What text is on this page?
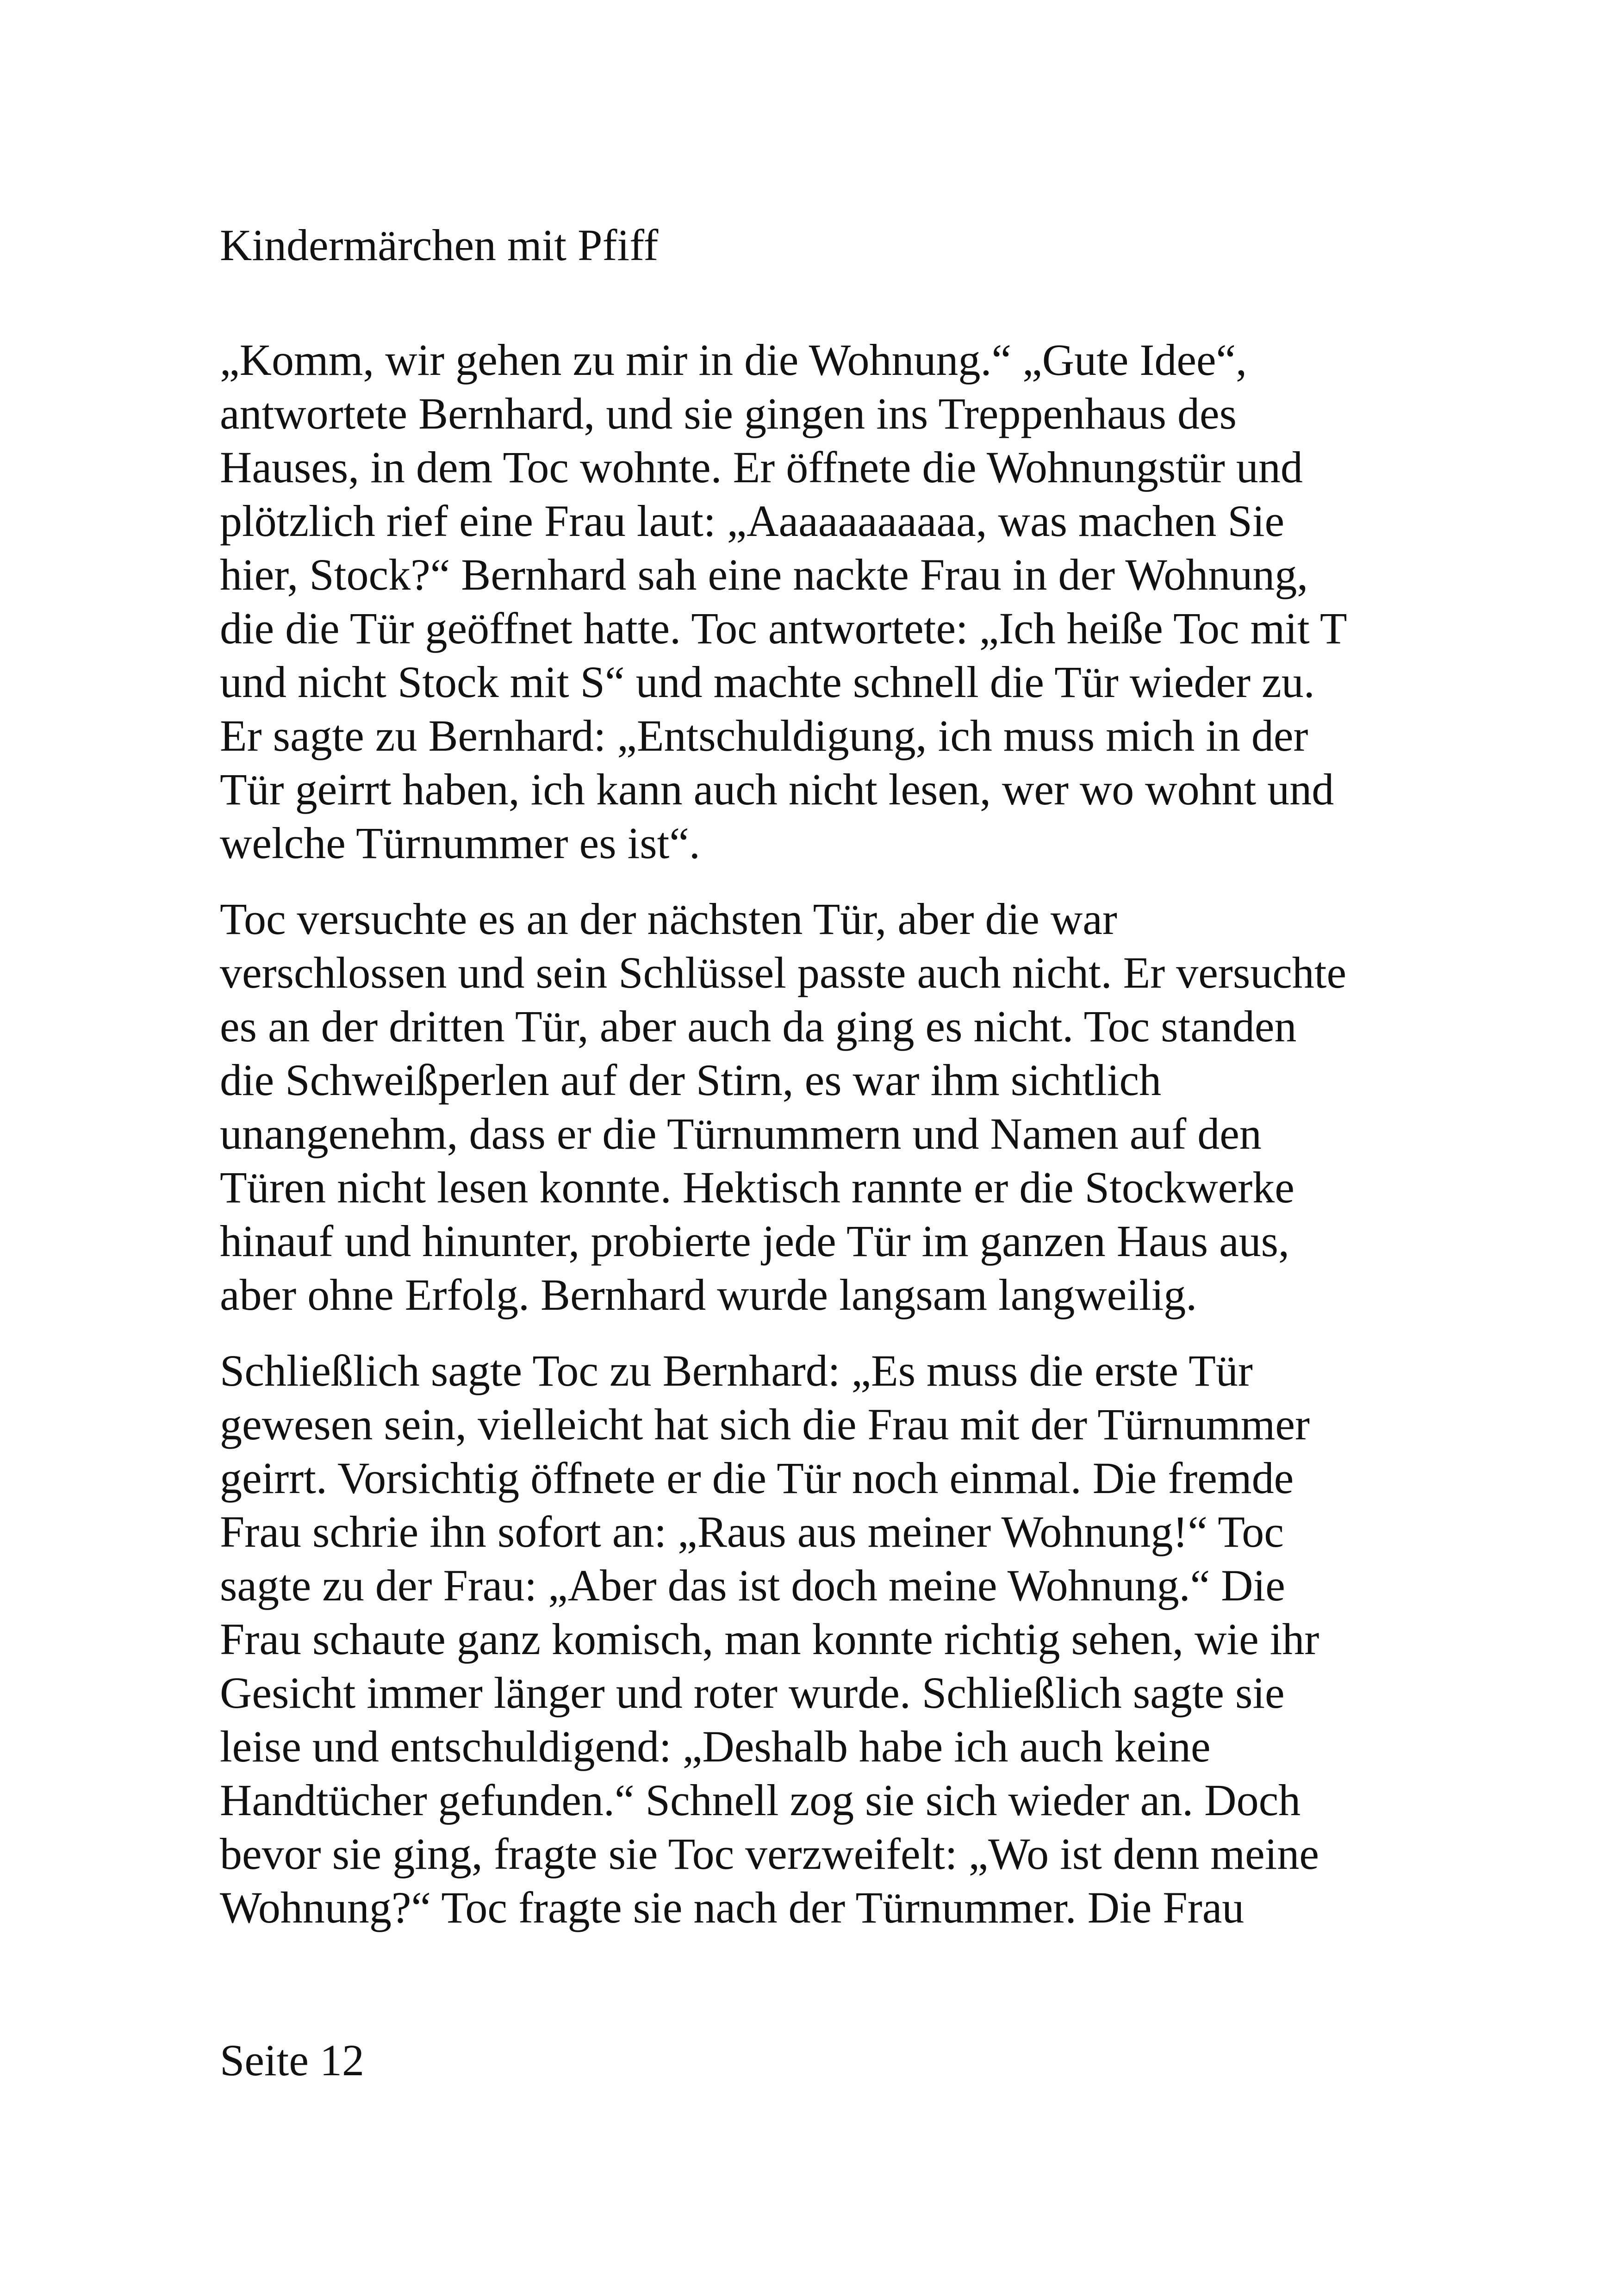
Kindermärchen mit Pfiff
„Komm, wir gehen zu mir in die Wohnung.“ „Gute Idee“,
antwortete Bernhard, und sie gingen ins Treppenhaus des
Hauses, in dem Toc wohnte. Er öffnete die Wohnungstür und
plötzlich rief eine Frau laut: „Aaaaaaaaaaa, was machen Sie
hier, Stock?“ Bernhard sah eine nackte Frau in der Wohnung,
die die Tür geöffnet hatte. Toc antwortete: „Ich heiße Toc mit T
und nicht Stock mit S“ und machte schnell die Tür wieder zu.
Er sagte zu Bernhard: „Entschuldigung, ich muss mich in der
Tür geirrt haben, ich kann auch nicht lesen, wer wo wohnt und
welche Türnummer es ist“.
Toc versuchte es an der nächsten Tür, aber die war
verschlossen und sein Schlüssel passte auch nicht. Er versuchte
es an der dritten Tür, aber auch da ging es nicht. Toc standen
die Schweißperlen auf der Stirn, es war ihm sichtlich
unangenehm, dass er die Türnummern und Namen auf den
Türen nicht lesen konnte. Hektisch rannte er die Stockwerke
hinauf und hinunter, probierte jede Tür im ganzen Haus aus,
aber ohne Erfolg. Bernhard wurde langsam langweilig.
Schließlich sagte Toc zu Bernhard: „Es muss die erste Tür
gewesen sein, vielleicht hat sich die Frau mit der Türnummer
geirrt. Vorsichtig öffnete er die Tür noch einmal. Die fremde
Frau schrie ihn sofort an: „Raus aus meiner Wohnung!“ Toc
sagte zu der Frau: „Aber das ist doch meine Wohnung.“ Die
Frau schaute ganz komisch, man konnte richtig sehen, wie ihr
Gesicht immer länger und roter wurde. Schließlich sagte sie
leise und entschuldigend: „Deshalb habe ich auch keine
Handtücher gefunden.“ Schnell zog sie sich wieder an. Doch
bevor sie ging, fragte sie Toc verzweifelt: „Wo ist denn meine
Wohnung?“ Toc fragte sie nach der Türnummer. Die Frau
Seite 12
